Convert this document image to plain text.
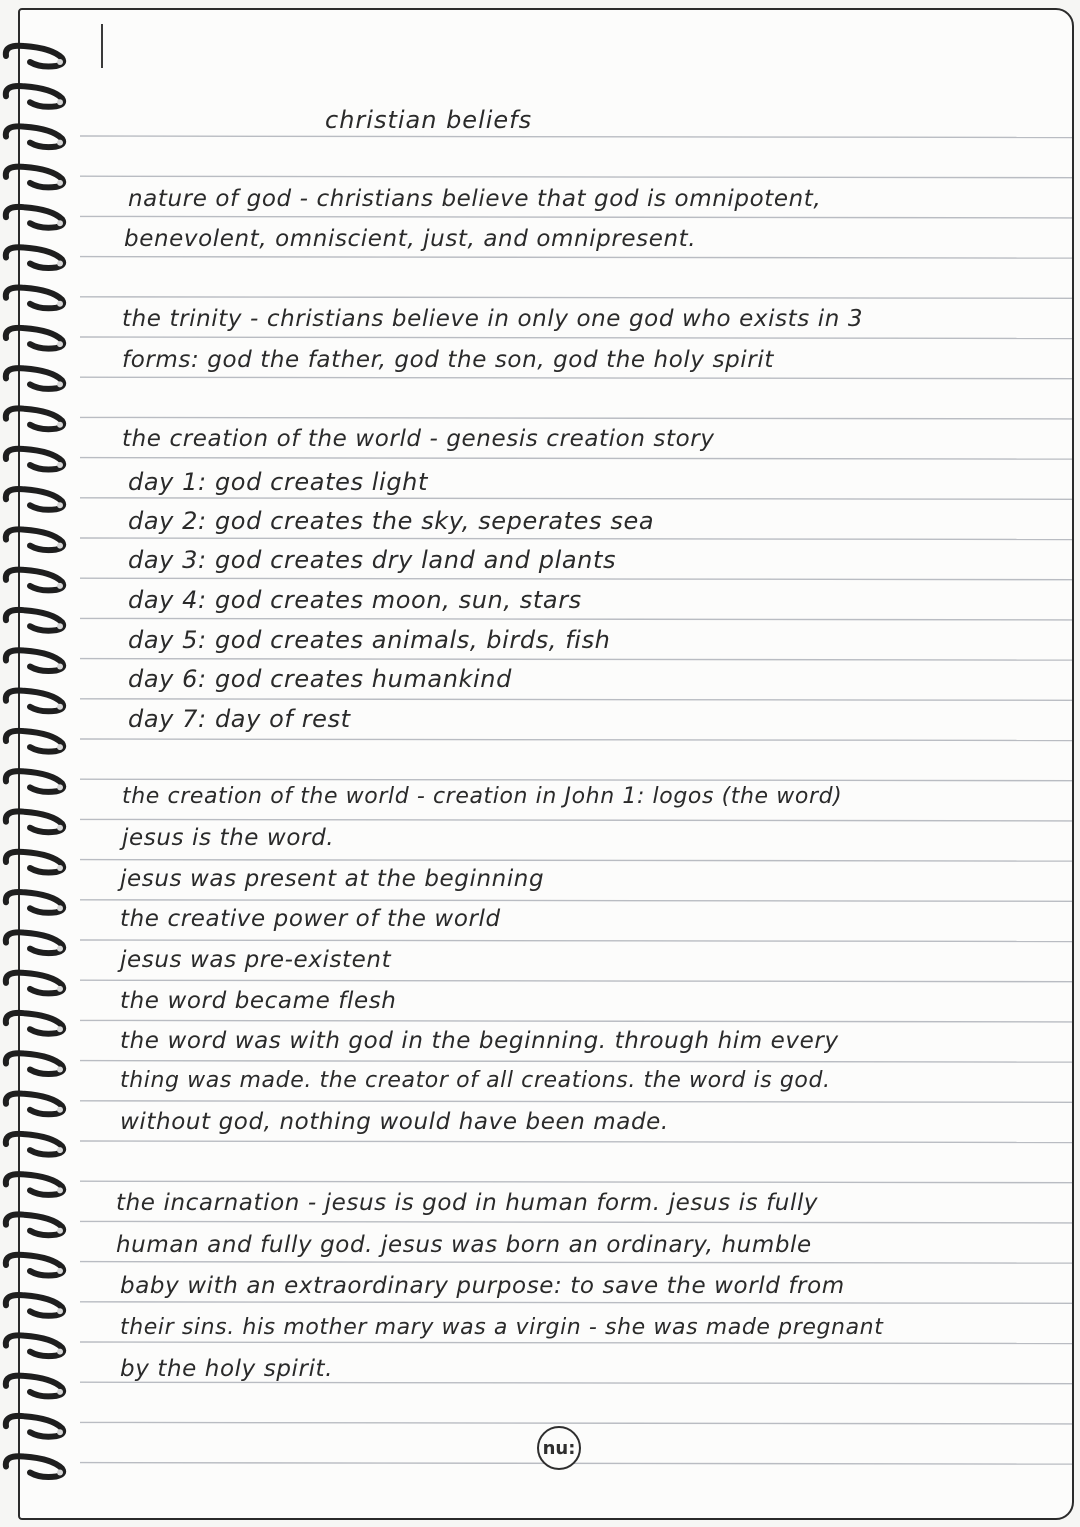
christian beliefs

nature of god - christians believe that god is omnipotent,

benevolent, omniscient, just, and omnipresent.

the trinity - christians believe in only one god who exists in 3

forms: god the father, god the son, god the holy spirit

the creation of the world - genesis creation story

day 1: god creates light

day 2: god creates the sky, seperates sea

day 3: god creates dry land and plants

day 4: god creates moon, sun, stars

day 5: god creates animals, birds, fish

day 6: god creates humankind

day 7: day of rest

the creation of the world - creation in John 1: logos (the word)

jesus is the word.

jesus was present at the beginning

the creative power of the world

jesus was pre-existent

the word became flesh

the word was with god in the beginning. through him every

thing was made. the creator of all creations. the word is god.

without god, nothing would have been made.

the incarnation - jesus is god in human form. jesus is fully

human and fully god. jesus was born an ordinary, humble

baby with an extraordinary purpose: to save the world from

their sins. his mother mary was a virgin - she was made pregnant

by the holy spirit.

nu:
